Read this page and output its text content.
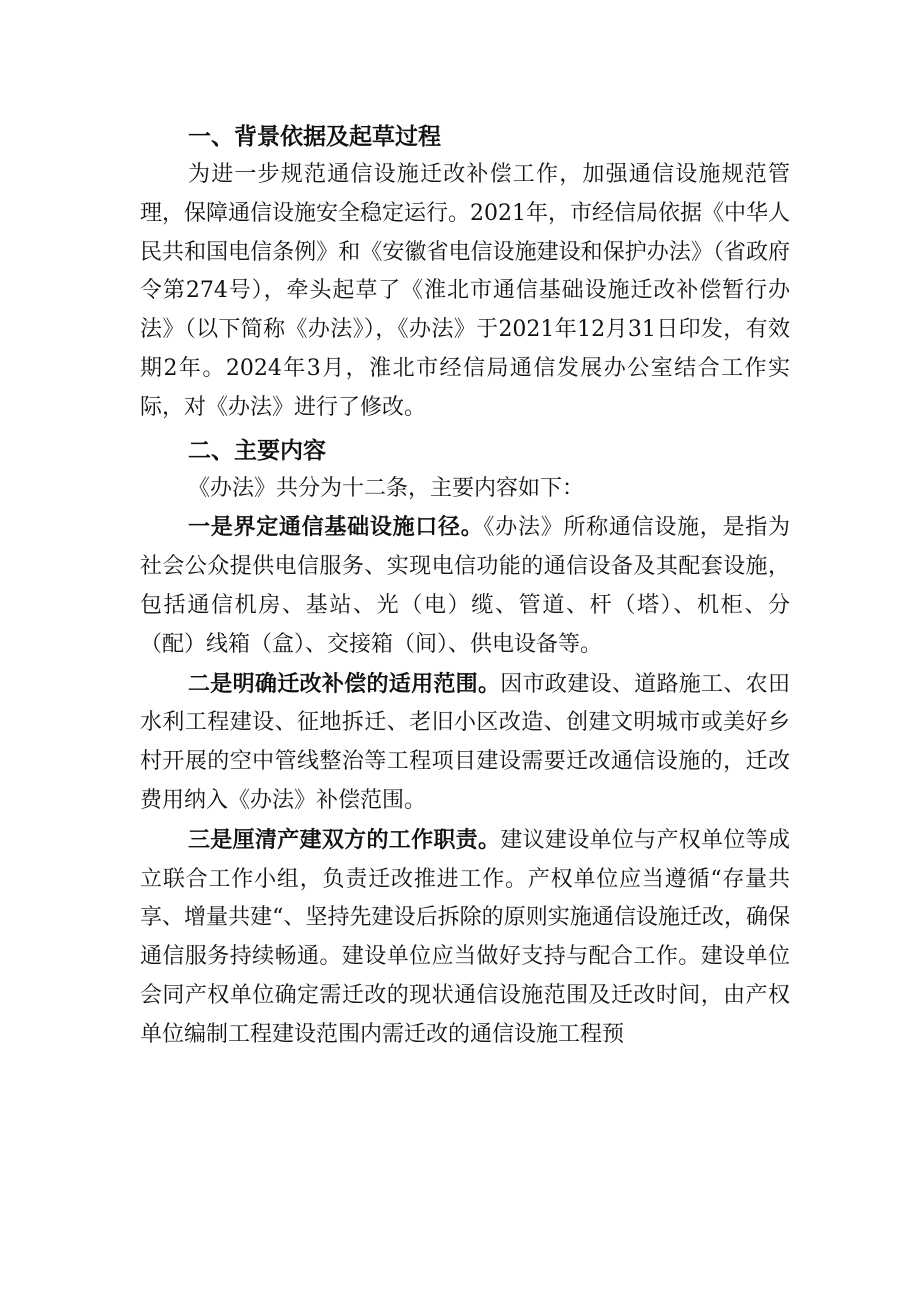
一、背景依据及起草过程

为进一步规范通信设施迁改补偿工作，加强通信设施规范管理，保障通信设施安全稳定运行。2021年，市经信局依据《中华人民共和国电信条例》和《安徽省电信设施建设和保护办法》（省政府令第274号），牵头起草了《淮北市通信基础设施迁改补偿暂行办法》（以下简称《办法》），《办法》于2021年12月31日印发，有效期2年。2024年3月，淮北市经信局通信发展办公室结合工作实际，对《办法》进行了修改。

二、主要内容

《办法》共分为十二条，主要内容如下：

一是界定通信基础设施口径。《办法》所称通信设施，是指为社会公众提供电信服务、实现电信功能的通信设备及其配套设施，包括通信机房、基站、光（电）缆、管道、杆（塔）、机柜、分（配）线箱（盒）、交接箱（间）、供电设备等。

二是明确迁改补偿的适用范围。因市政建设、道路施工、农田水利工程建设、征地拆迁、老旧小区改造、创建文明城市或美好乡村开展的空中管线整治等工程项目建设需要迁改通信设施的，迁改费用纳入《办法》补偿范围。

三是厘清产建双方的工作职责。建议建设单位与产权单位等成立联合工作小组，负责迁改推进工作。产权单位应当遵循“存量共享、增量共建“、坚持先建设后拆除的原则实施通信设施迁改，确保通信服务持续畅通。建设单位应当做好支持与配合工作。建设单位会同产权单位确定需迁改的现状通信设施范围及迁改时间，由产权单位编制工程建设范围内需迁改的通信设施工程预
